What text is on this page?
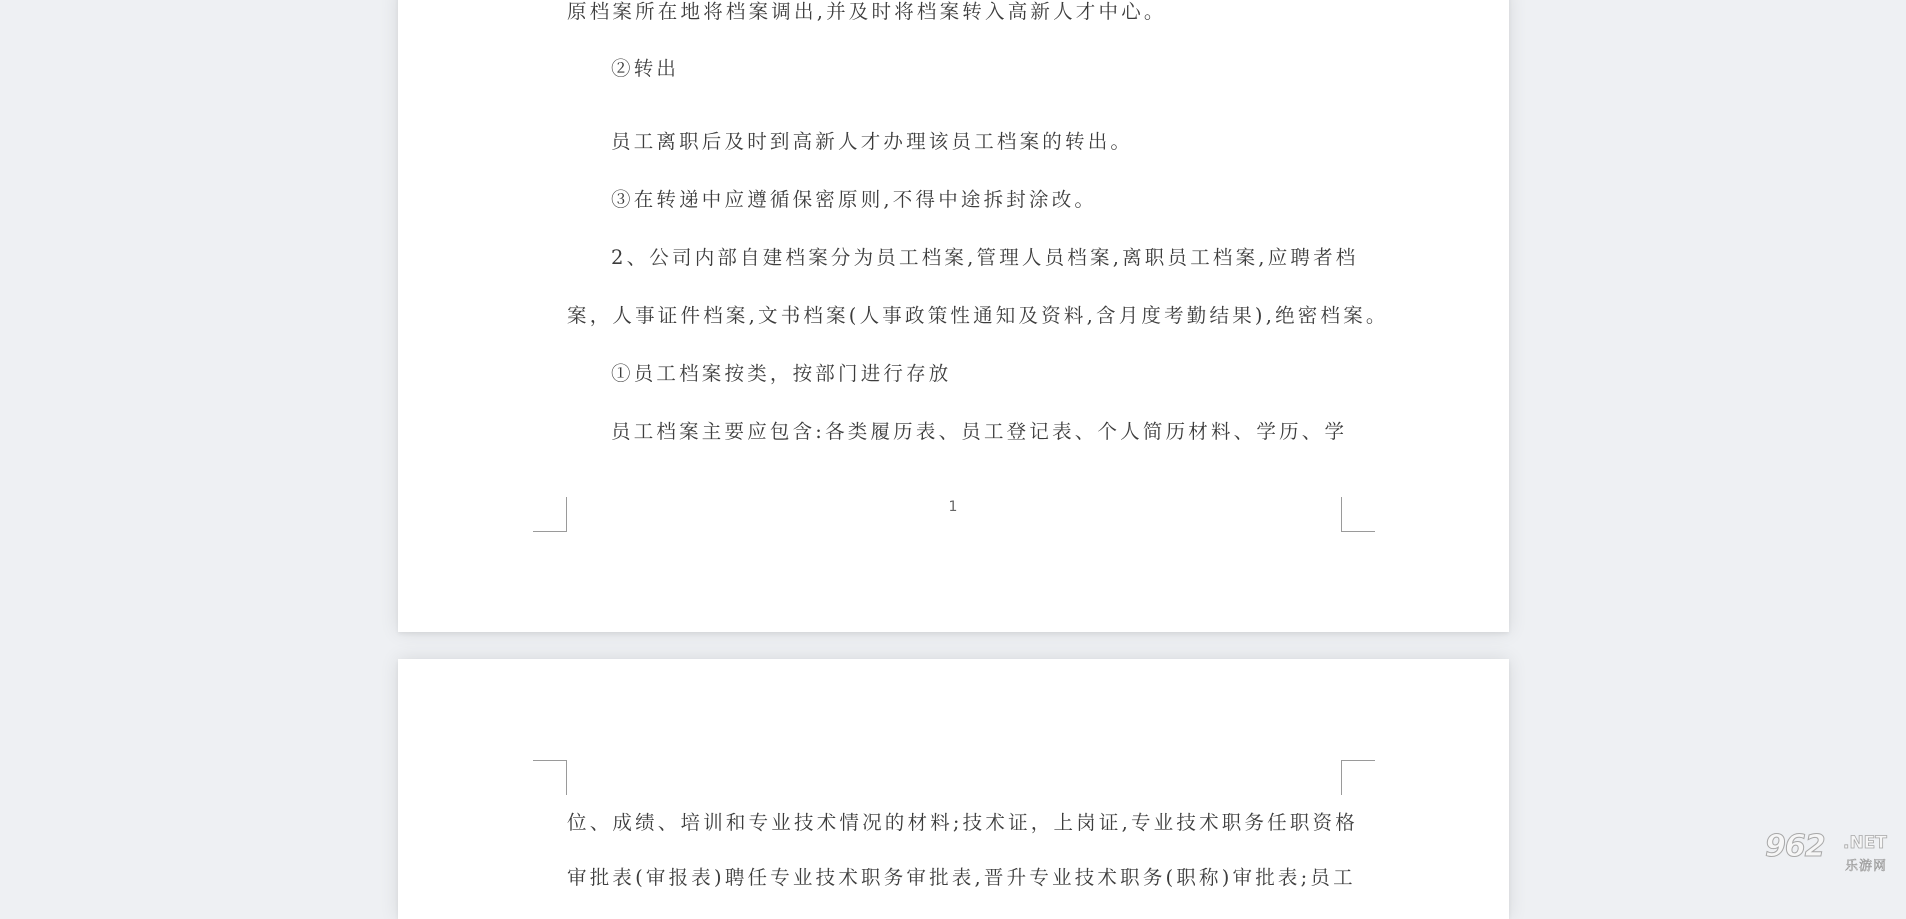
原档案所在地将档案调出,并及时将档案转入高新人才中心。

②转出

员工离职后及时到高新人才办理该员工档案的转出。

③在转递中应遵循保密原则,不得中途拆封涂改。

2、公司内部自建档案分为员工档案,管理人员档案,离职员工档案,应聘者档

案，人事证件档案,文书档案(人事政策性通知及资料,含月度考勤结果),绝密档案。

①员工档案按类，按部门进行存放

员工档案主要应包含:各类履历表、员工登记表、个人简历材料、学历、学

1

位、成绩、培训和专业技术情况的材料;技术证，上岗证,专业技术职务任职资格

审批表(审报表)聘任专业技术职务审批表,晋升专业技术职务(职称)审批表;员工

962 .NET
乐游网
